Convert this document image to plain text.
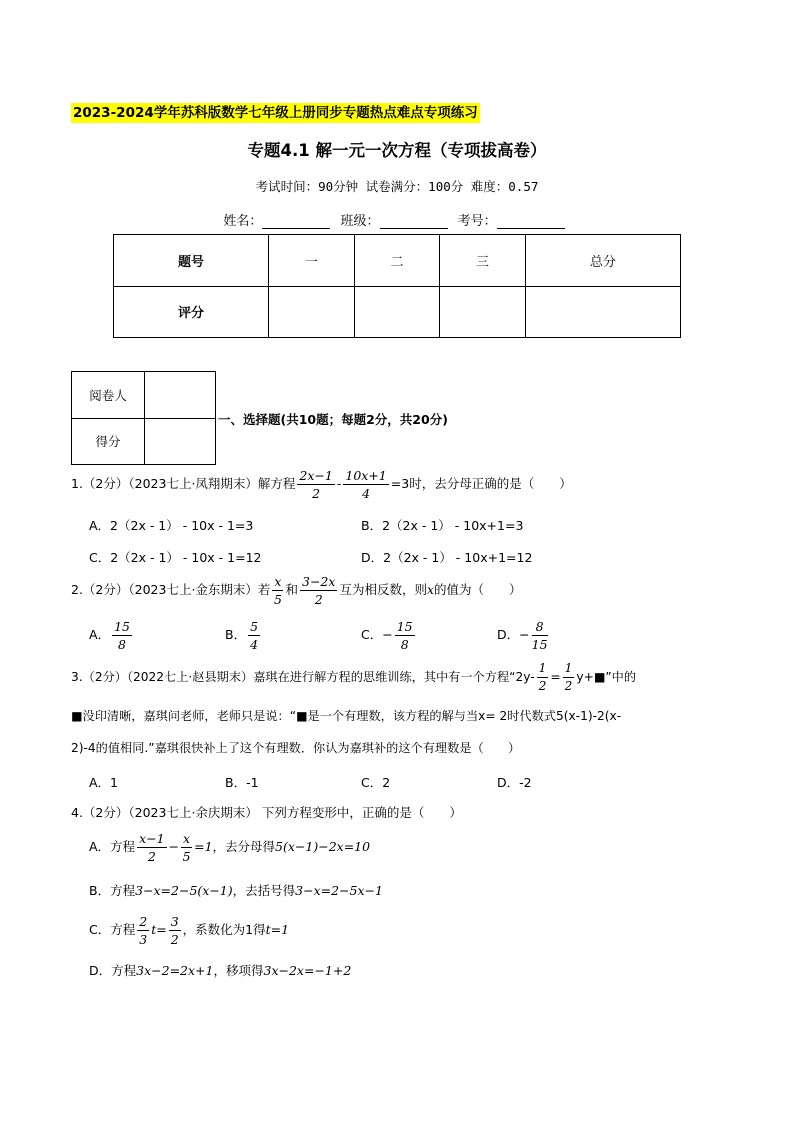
2023-2024学年苏科版数学七年级上册同步专题热点难点专项练习
专题4.1 解一元一次方程（专项拔高卷）
考试时间：90分钟 试卷满分：100分 难度：0.57
姓名：	班级：	考号：
题号	一	二	三	总分
评分				
阅卷人	
得分	
一、选择题(共10题；每题2分，共20分)
1.（2分）（2023七上·凤翔期末）解方程 $\frac{2x-1}{2} - \frac{10x+1}{4} =3$时，去分母正确的是（　　）
A．2（2x - 1） - 10x - 1=3	B．2（2x - 1） - 10x+1=3
C．2（2x - 1） - 10x - 1=12	D．2（2x - 1） - 10x+1=12
2.（2分）（2023七上·金东期末）若 $\frac{x}{5}$ 和 $\frac{3-2x}{2}$ 互为相反数，则x的值为（　　）
A． $\frac{15}{8}$	B． $\frac{5}{4}$	C．− $\frac{15}{8}$	D．− $\frac{8}{15}$
3.（2分）（2022七上·赵县期末）嘉琪在进行解方程的思维训练，其中有一个方程“$2y- \frac{1}{2} = \frac{1}{2}$ y+■”中的
■没印清晰，嘉琪问老师，老师只是说：“■是一个有理数，该方程的解与当x= 2时代数式5(x-1)-2(x-
2)-4的值相同.”嘉琪很快补上了这个有理数．你认为嘉琪补的这个有理数是（　　）
A．1	B．-1	C．2	D．-2
4.（2分）（2023七上·余庆期末） 下列方程变形中，正确的是（　　）
A．方程 $\frac{x-1}{2} - \frac{x}{5} =1$，去分母得5(x−1)−2x=10
B．方程3−x=2−5(x−1)，去括号得3−x=2−5x−1
C．方程 $\frac{2}{3} t= \frac{3}{2}$ ，系数化为1得t=1
D．方程3x−2=2x+1，移项得3x−2x=−1+2
